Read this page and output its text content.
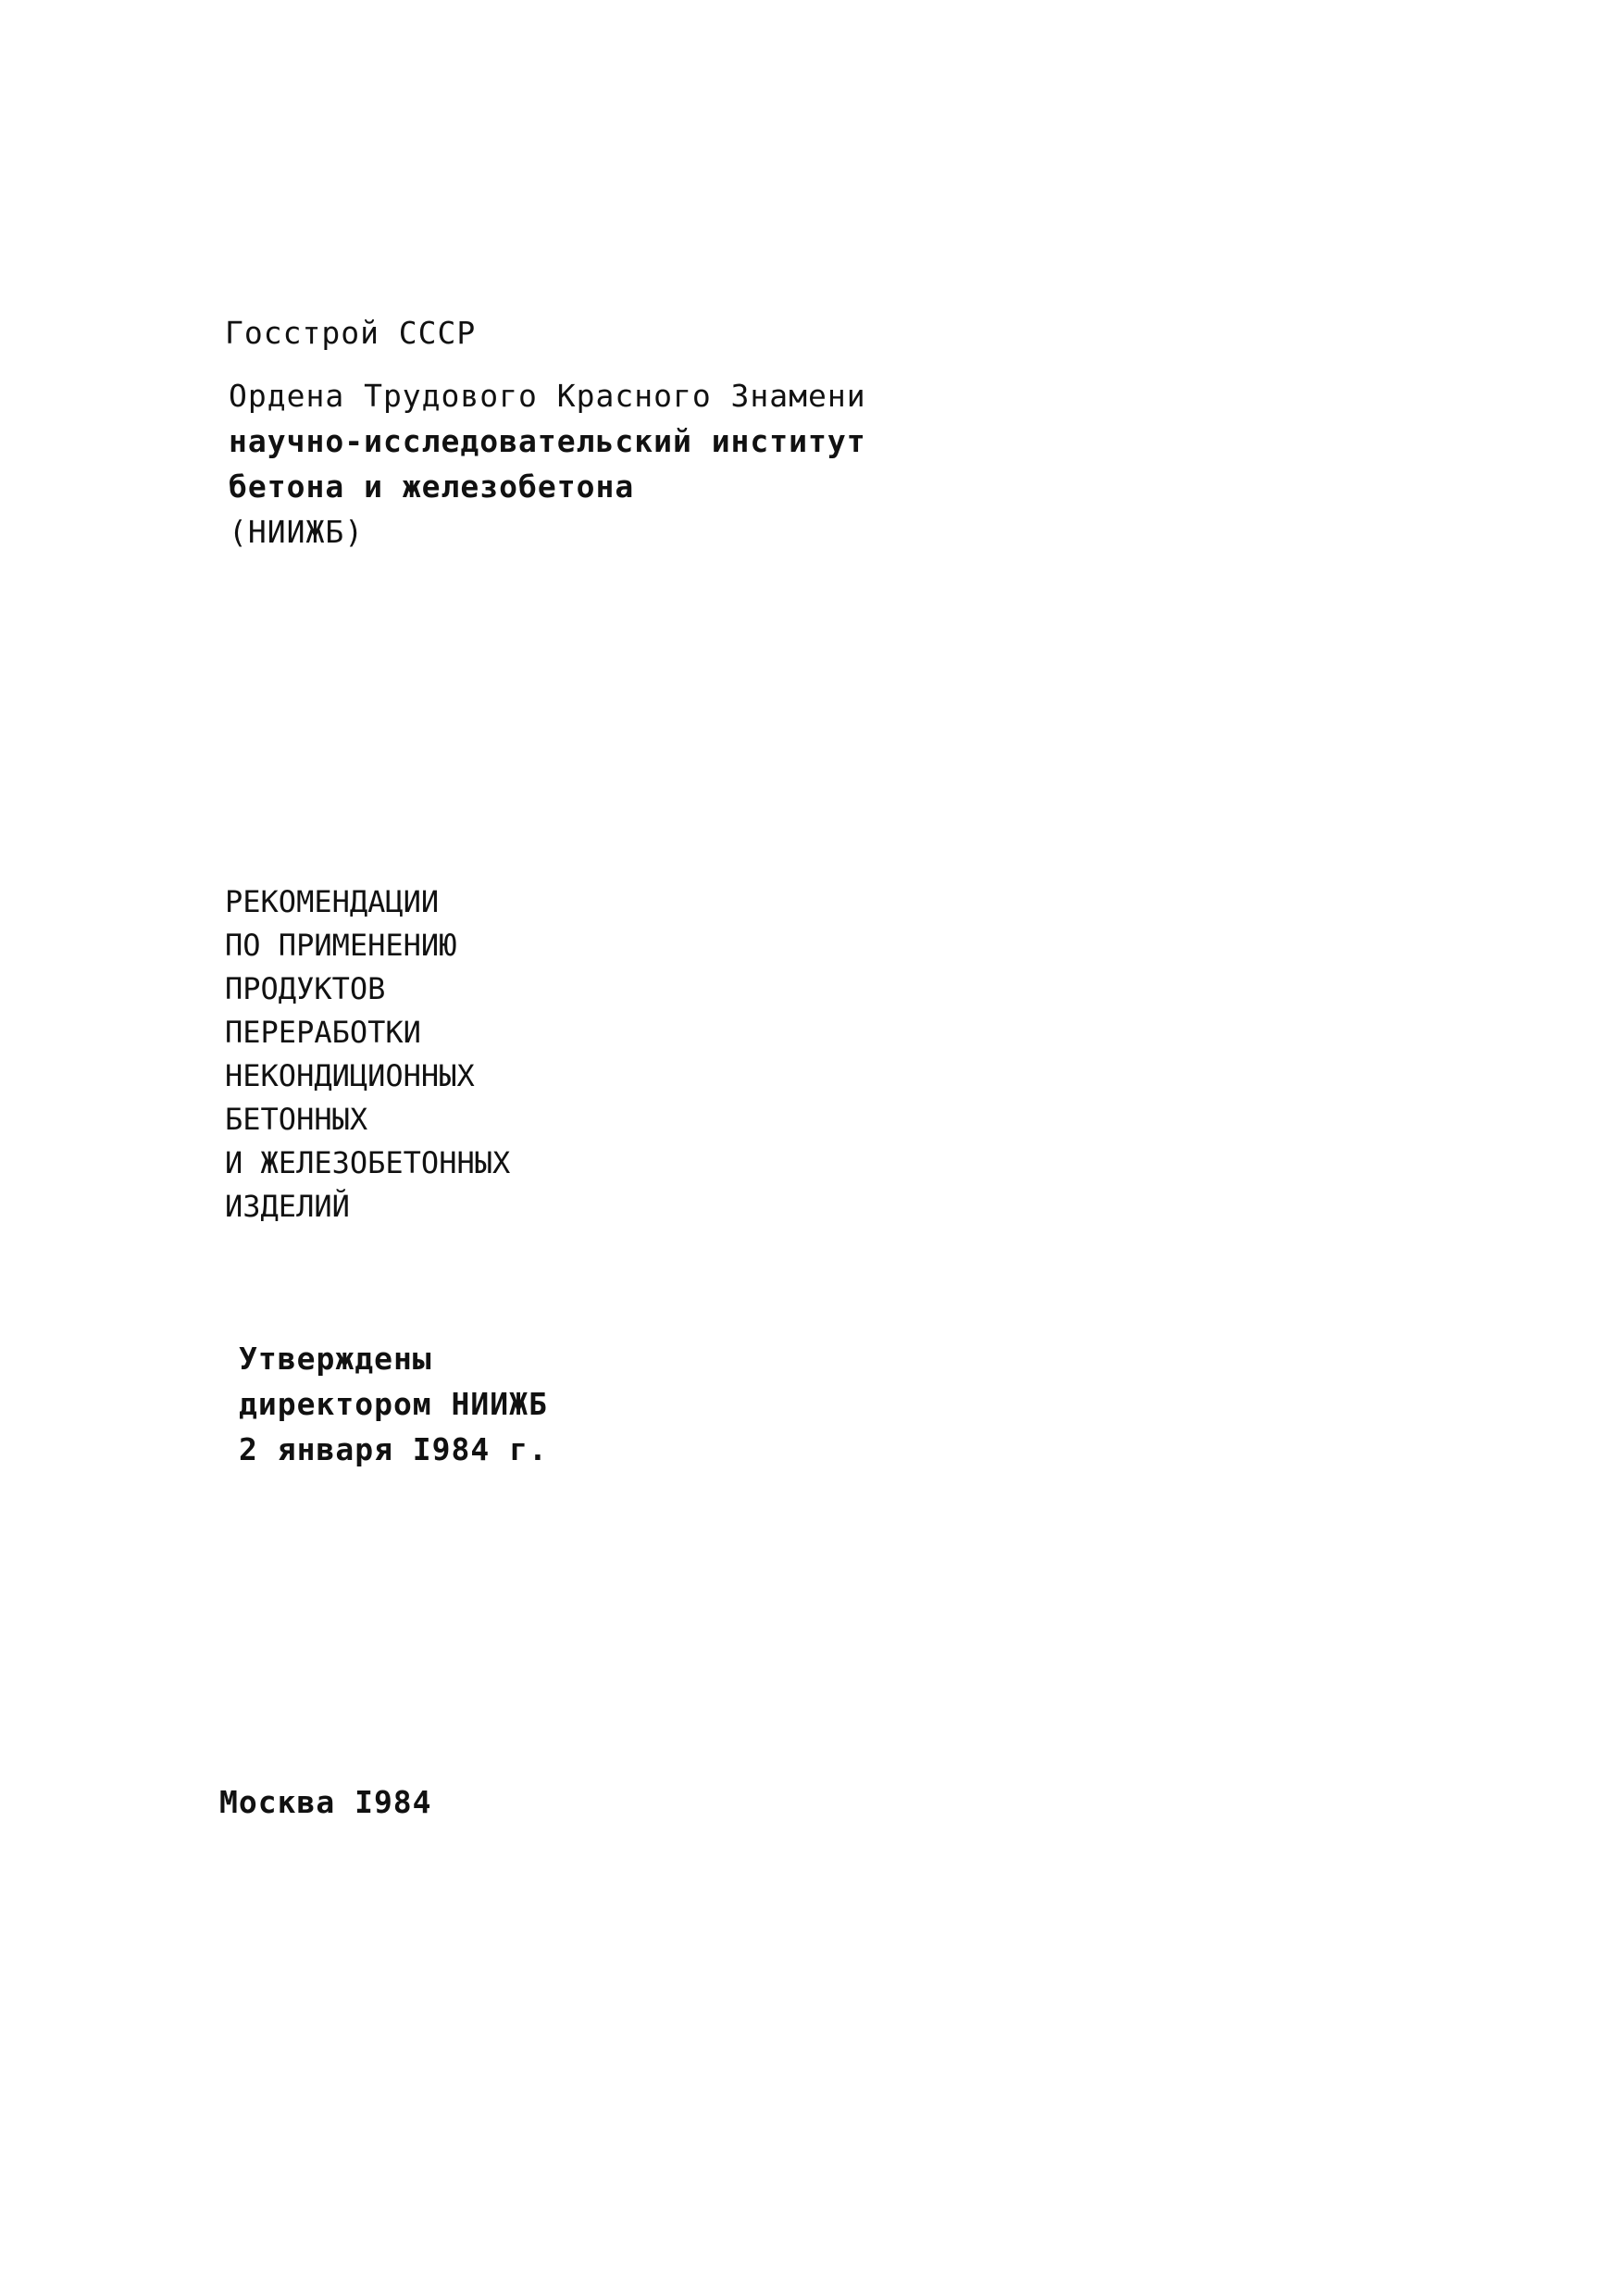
Госстрой СССР
Ордена Трудового Красного Знамени
научно-исследовательский институт
бетона и железобетона
(НИИЖБ)
РЕКОМЕНДАЦИИ
ПО ПРИМЕНЕНИЮ
ПРОДУКТОВ
ПЕРЕРАБОТКИ
НЕКОНДИЦИОННЫХ
БЕТОННЫХ
И ЖЕЛЕЗОБЕТОННЫХ
ИЗДЕЛИЙ
Утверждены
директором НИИЖБ
2 января I984 г.
Москва I984
